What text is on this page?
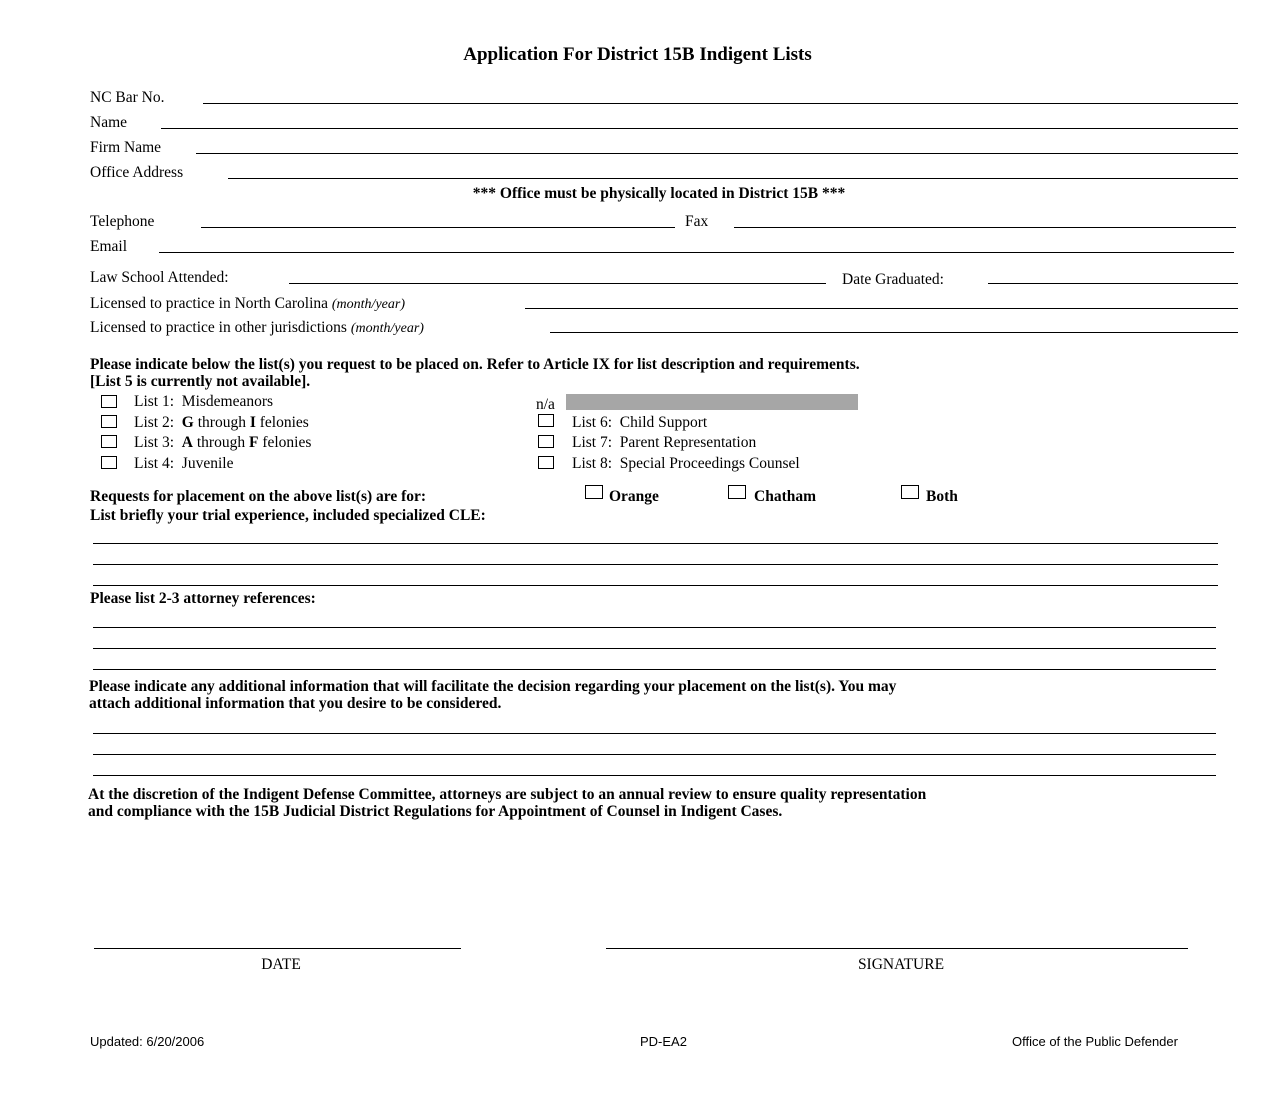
Application For District 15B Indigent Lists
NC Bar No.
Name
Firm Name
Office Address
*** Office must be physically located in District 15B ***
Telephone	Fax
Email
Law School Attended:	Date Graduated:
Licensed to practice in North Carolina (month/year)
Licensed to practice in other jurisdictions (month/year)
Please indicate below the list(s) you request to be placed on. Refer to Article IX for list description and requirements.
[List 5 is currently not available].
List 1: Misdemeanors
List 2: G through I felonies
List 3: A through F felonies
List 4: Juvenile
n/a
List 6: Child Support
List 7: Parent Representation
List 8: Special Proceedings Counsel
Requests for placement on the above list(s) are for:	Orange	Chatham	Both
List briefly your trial experience, included specialized CLE:
Please list 2-3 attorney references:
Please indicate any additional information that will facilitate the decision regarding your placement on the list(s). You may
attach additional information that you desire to be considered.
At the discretion of the Indigent Defense Committee, attorneys are subject to an annual review to ensure quality representation
and compliance with the 15B Judicial District Regulations for Appointment of Counsel in Indigent Cases.
DATE	SIGNATURE
Updated: 6/20/2006	PD-EA2	Office of the Public Defender
